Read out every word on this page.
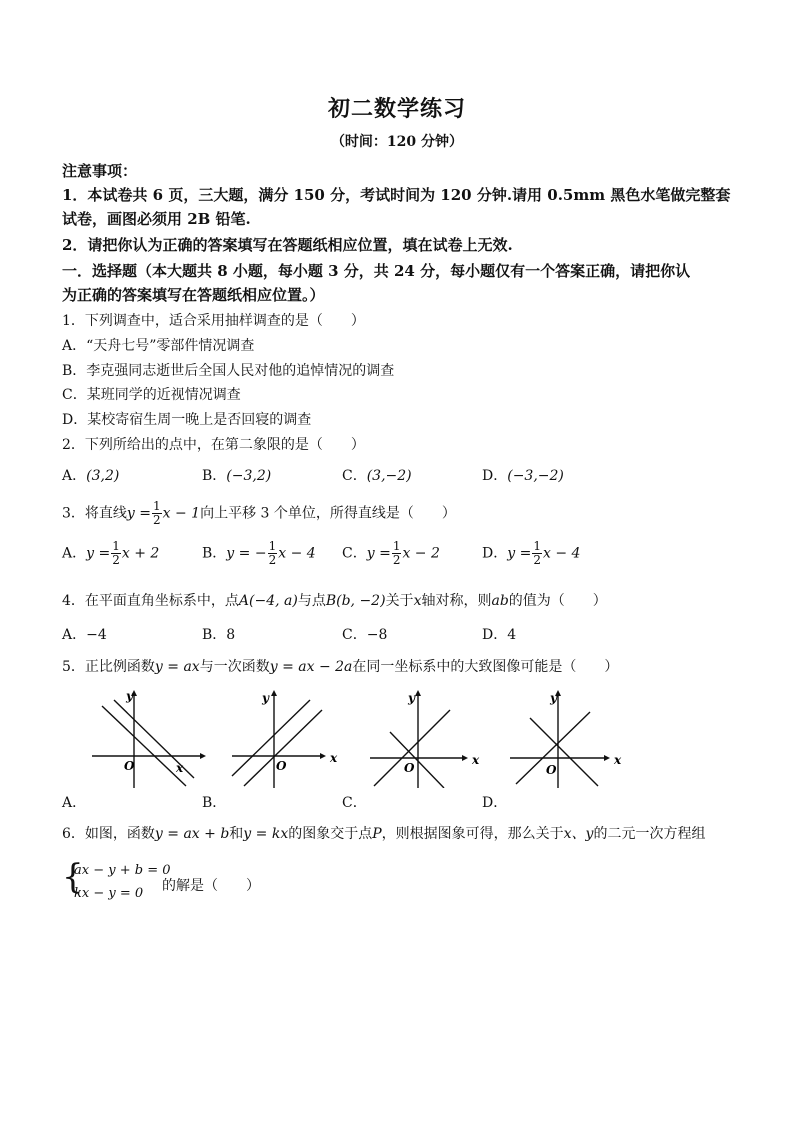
初二数学练习
（时间：120 分钟）
注意事项：
1．本试卷共 6 页，三大题，满分 150 分，考试时间为 120 分钟.请用 0.5mm 黑色水笔做完整套
试卷，画图必须用 2B 铅笔.
2．请把你认为正确的答案填写在答题纸相应位置，填在试卷上无效.
一．选择题（本大题共 8 小题，每小题 3 分，共 24 分，每小题仅有一个答案正确，请把你认
为正确的答案填写在答题纸相应位置。）
1．下列调查中，适合采用抽样调查的是（　　）
A．“天舟七号”零部件情况调查
B．李克强同志逝世后全国人民对他的追悼情况的调查
C．某班同学的近视情况调查
D．某校寄宿生周一晚上是否回寝的调查
2．下列所给出的点中，在第二象限的是（　　）
A．(3,2)	B．(−3,2)	C．(3,−2)	D．(−3,−2)
3．将直线$y = \frac{1}{2}$ x − 1向上平移 3 个单位，所得直线是（　　）
A．$y = \frac{1}{2}$ x + 2	B．y = − $\frac{1}{2}$ x − 4 C．$y = \frac{1}{2}$ x − 2	D．$y = \frac{1}{2}$ x − 4
4．在平面直角坐标系中，点A(−4, a)与点B(b, −2)关于x轴对称，则ab的值为（　　）
A．−4	B．8	C．−8	D．4
5．正比例函数y = ax与一次函数y = ax − 2a在同一坐标系中的大致图像可能是（　　）
O	x
y
A．
O
x
y
B．
O
x
y
C．
O
x
y
D．
6．如图，函数y = ax + b和y = kx的图象交于点P，则根据图象可得，那么关于x、y的二元一次方程组
{
ax − y + b = 0
kx − y = 0 的解是（　　）
